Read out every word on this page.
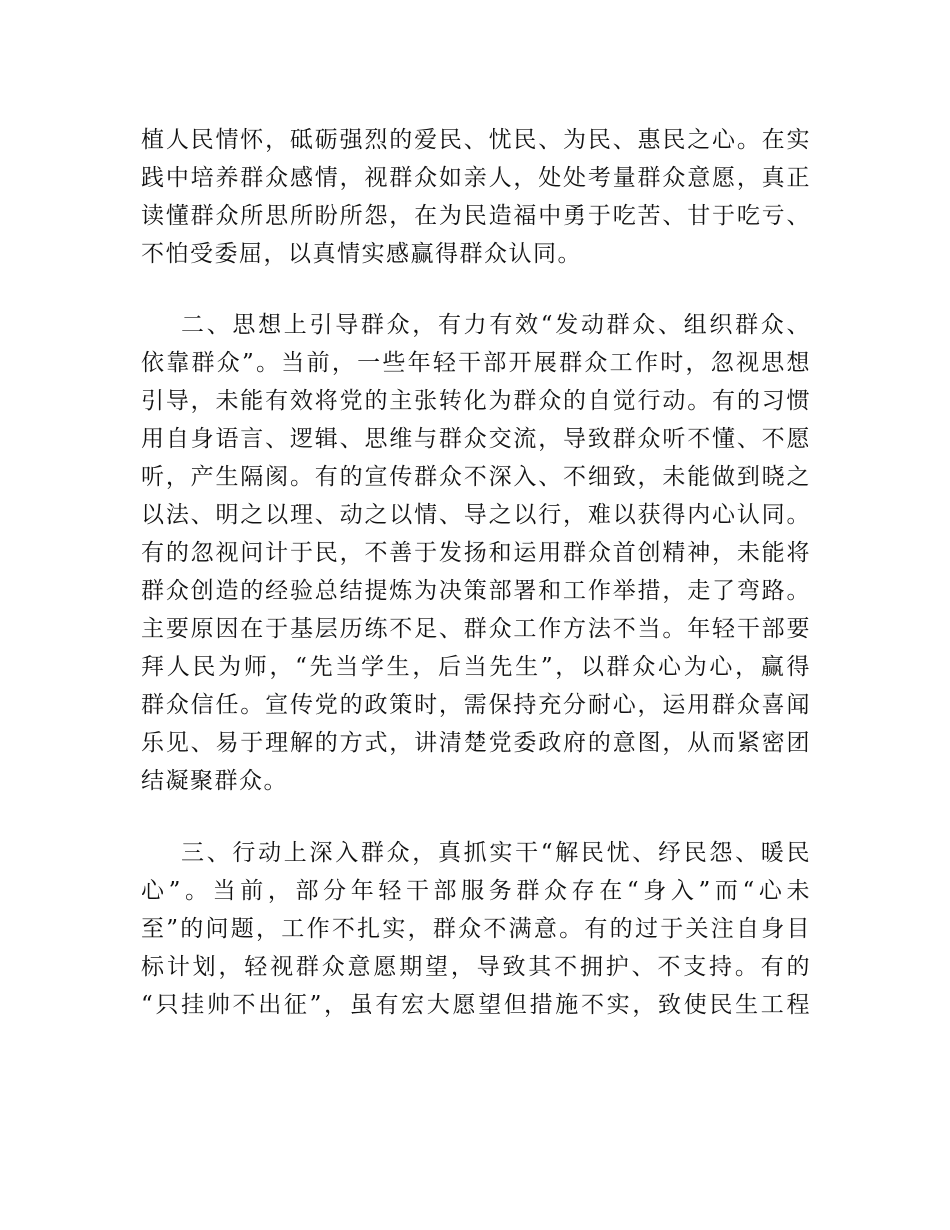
植人民情怀，砥砺强烈的爱民、忧民、为民、惠民之心。在实
践中培养群众感情，视群众如亲人，处处考量群众意愿，真正
读懂群众所思所盼所怨，在为民造福中勇于吃苦、甘于吃亏、
不怕受委屈，以真情实感赢得群众认同。
二、思想上引导群众，有力有效“发动群众、组织群众、
依靠群众”。当前，一些年轻干部开展群众工作时，忽视思想
引导，未能有效将党的主张转化为群众的自觉行动。有的习惯
用自身语言、逻辑、思维与群众交流，导致群众听不懂、不愿
听，产生隔阂。有的宣传群众不深入、不细致，未能做到晓之
以法、明之以理、动之以情、导之以行，难以获得内心认同。
有的忽视问计于民，不善于发扬和运用群众首创精神，未能将
群众创造的经验总结提炼为决策部署和工作举措，走了弯路。
主要原因在于基层历练不足、群众工作方法不当。年轻干部要
拜人民为师，“先当学生，后当先生”，以群众心为心，赢得
群众信任。宣传党的政策时，需保持充分耐心，运用群众喜闻
乐见、易于理解的方式，讲清楚党委政府的意图，从而紧密团
结凝聚群众。
三、行动上深入群众，真抓实干“解民忧、纾民怨、暖民
心”。当前，部分年轻干部服务群众存在“身入”而“心未
至”的问题，工作不扎实，群众不满意。有的过于关注自身目
标计划，轻视群众意愿期望，导致其不拥护、不支持。有的
“只挂帅不出征”，虽有宏大愿望但措施不实，致使民生工程
